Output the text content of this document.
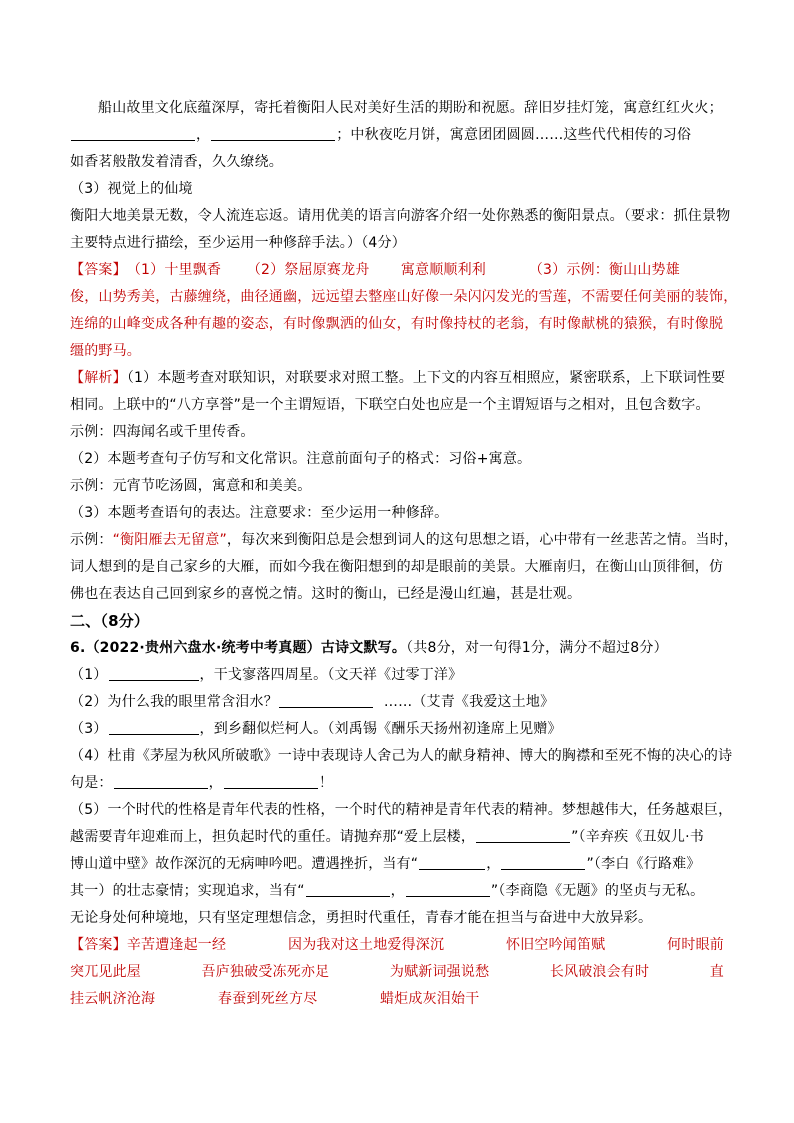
船山故里文化底蕴深厚，寄托着衡阳人民对美好生活的期盼和祝愿。辞旧岁挂灯笼，寓意红红火火；
，	；中秋夜吃月饼，寓意团团圆圆……这些代代相传的习俗
如香茗般散发着清香，久久缭绕。
（3）视觉上的仙境
衡阳大地美景无数，令人流连忘返。请用优美的语言向游客介绍一处你熟悉的衡阳景点。（要求：抓住景物
主要特点进行描绘，至少运用一种修辞手法。）（4分）
【答案】（1）十里飘香 （2）祭屈原赛龙舟 寓意顺顺利利	（3）示例：衡山山势雄
俊，山势秀美，古藤缠绕，曲径通幽，远远望去整座山好像一朵闪闪发光的雪莲，不需要任何美丽的装饰，
连绵的山峰变成各种有趣的姿态，有时像飘洒的仙女，有时像持杖的老翁，有时像献桃的猿猴，有时像脱
缰的野马。
【解析】（1）本题考查对联知识，对联要求对照工整。上下文的内容互相照应，紧密联系，上下联词性要
相同。上联中的“八方享誉”是一个主谓短语，下联空白处也应是一个主谓短语与之相对，且包含数字。
示例：四海闻名或千里传香。
（2）本题考查句子仿写和文化常识。注意前面句子的格式：习俗+寓意。
示例：元宵节吃汤圆，寓意和和美美。
（3）本题考查语句的表达。注意要求：至少运用一种修辞。
示例：“衡阳雁去无留意”，每次来到衡阳总是会想到词人的这句思想之语，心中带有一丝悲苦之情。当时，
词人想到的是自己家乡的大雁，而如今我在衡阳想到的却是眼前的美景。大雁南归，在衡山山顶徘徊，仿
佛也在表达自己回到家乡的喜悦之情。这时的衡山，已经是漫山红遍，甚是壮观。
二、（8分）
6.（2022·贵州六盘水·统考中考真题）古诗文默写。（共8分，对一句得1分，满分不超过8分）
（1）	，干戈寥落四周星。（文天祥《过零丁洋》
（2）为什么我的眼里常含泪水？	……（艾青《我爱这土地》
（3）	，到乡翻似烂柯人。（刘禹锡《酬乐天扬州初逢席上见赠》
（4）杜甫《茅屋为秋风所破歌》一诗中表现诗人舍己为人的献身精神、博大的胸襟和至死不悔的决心的诗
句是：	，	！
（5）一个时代的性格是青年代表的性格，一个时代的精神是青年代表的精神。梦想越伟大，任务越艰巨，
越需要青年迎难而上，担负起时代的重任。请抛弃那“爱上层楼，	”（辛弃疾《丑奴儿·书
博山道中壁》故作深沉的无病呻吟吧。遭遇挫折，当有“	，	”（李白《行路难》
其一）的壮志豪情；实现追求，当有“	，	”（李商隐《无题》的坚贞与无私。
无论身处何种境地，只有坚定理想信念，勇担时代重任，青春才能在担当与奋进中大放异彩。
【答案】辛苦遭逢起一经	因为我对这土地爱得深沉	怀旧空吟闻笛赋	何时眼前
突兀见此屋	吾庐独破受冻死亦足	为赋新词强说愁	长风破浪会有时	直
挂云帆济沧海	春蚕到死丝方尽	蜡炬成灰泪始干
